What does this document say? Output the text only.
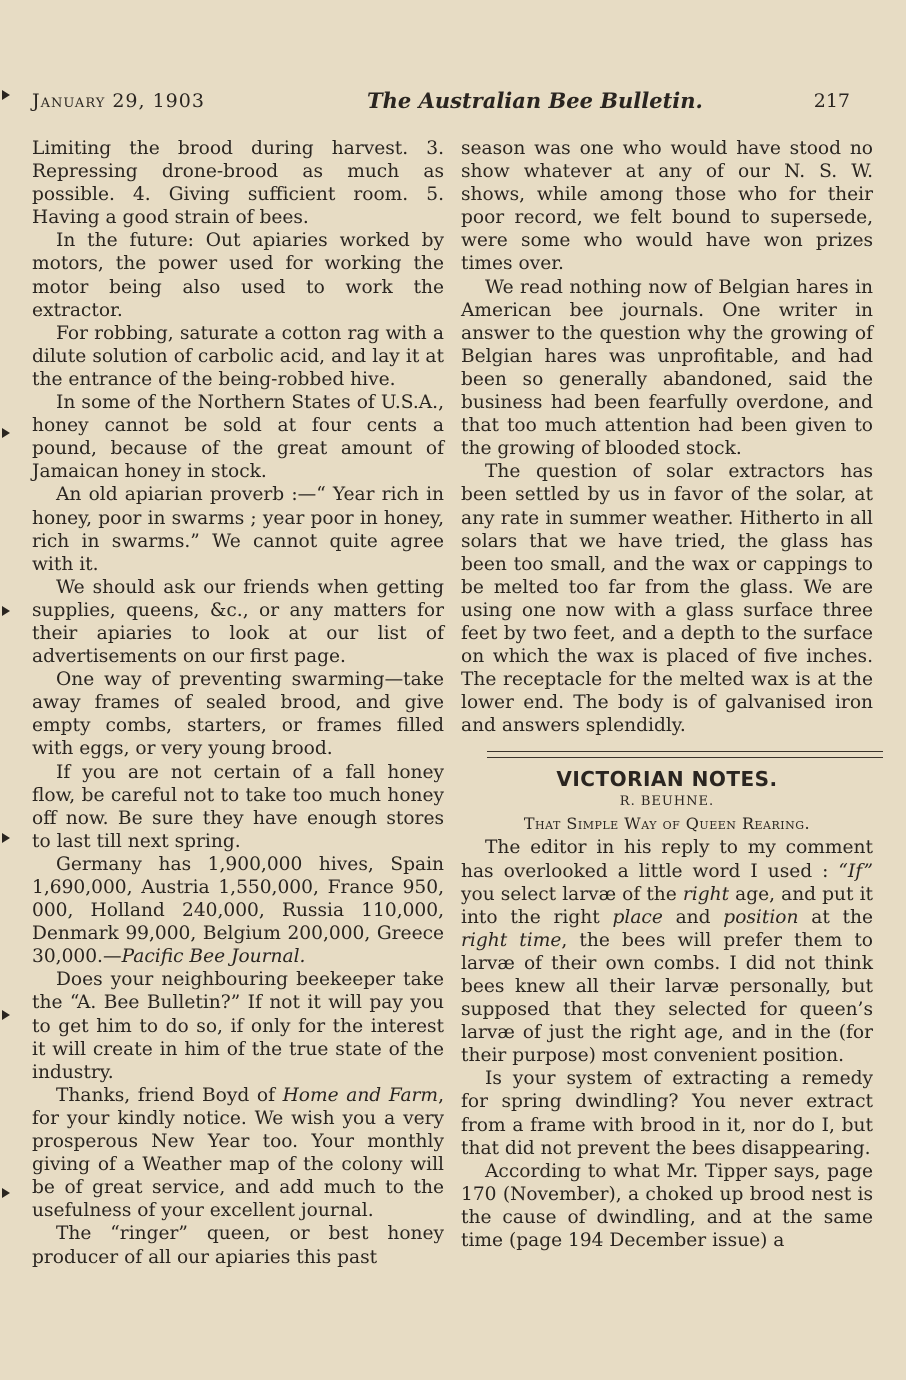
January 29, 1903	The Australian Bee Bulletin.	217

Limiting the brood during harvest. 3. Repressing drone-brood as much as possible. 4. Giving sufficient room. 5. Having a good strain of bees.

In the future: Out apiaries worked by motors, the power used for working the motor being also used to work the extractor.

For robbing, saturate a cotton rag with a dilute solution of carbolic acid, and lay it at the entrance of the being-robbed hive.

In some of the Northern States of U.S.A., honey cannot be sold at four cents a pound, because of the great amount of Jamaican honey in stock.

An old apiarian proverb :—“ Year rich in honey, poor in swarms ; year poor in honey, rich in swarms.” We cannot quite agree with it.

We should ask our friends when getting supplies, queens, &c., or any matters for their apiaries to look at our list of advertisements on our first page.

One way of preventing swarming—take away frames of sealed brood, and give empty combs, starters, or frames filled with eggs, or very young brood.

If you are not certain of a fall honey flow, be careful not to take too much honey off now. Be sure they have enough stores to last till next spring.

Germany has 1,900,000 hives, Spain 1,690,000, Austria 1,550,000, France 950, 000, Holland 240,000, Russia 110,000, Denmark 99,000, Belgium 200,000, Greece 30,000.—Pacific Bee Journal.

Does your neighbouring beekeeper take the “A. Bee Bulletin?” If not it will pay you to get him to do so, if only for the interest it will create in him of the true state of the industry.

Thanks, friend Boyd of Home and Farm, for your kindly notice. We wish you a very prosperous New Year too. Your monthly giving of a Weather map of the colony will be of great service, and add much to the usefulness of your excellent journal.

The “ringer” queen, or best honey producer of all our apiaries this past

season was one who would have stood no show whatever at any of our N. S. W. shows, while among those who for their poor record, we felt bound to supersede, were some who would have won prizes times over.

We read nothing now of Belgian hares in American bee journals. One writer in answer to the question why the growing of Belgian hares was unprofitable, and had been so generally abandoned, said the business had been fearfully overdone, and that too much attention had been given to the growing of blooded stock.

The question of solar extractors has been settled by us in favor of the solar, at any rate in summer weather. Hitherto in all solars that we have tried, the glass has been too small, and the wax or cappings to be melted too far from the glass. We are using one now with a glass surface three feet by two feet, and a depth to the surface on which the wax is placed of five inches. The receptacle for the melted wax is at the lower end. The body is of galvanised iron and answers splendidly.

VICTORIAN NOTES.
R. BEUHNE.
That Simple Way of Queen Rearing.

The editor in his reply to my comment has overlooked a little word I used : “If” you select larvæ of the right age, and put it into the right place and position at the right time, the bees will prefer them to larvæ of their own combs. I did not think bees knew all their larvæ personally, but supposed that they selected for queen’s larvæ of just the right age, and in the (for their purpose) most convenient position.

Is your system of extracting a remedy for spring dwindling? You never extract from a frame with brood in it, nor do I, but that did not prevent the bees disappearing.

According to what Mr. Tipper says, page 170 (November), a choked up brood nest is the cause of dwindling, and at the same time (page 194 December issue) a
